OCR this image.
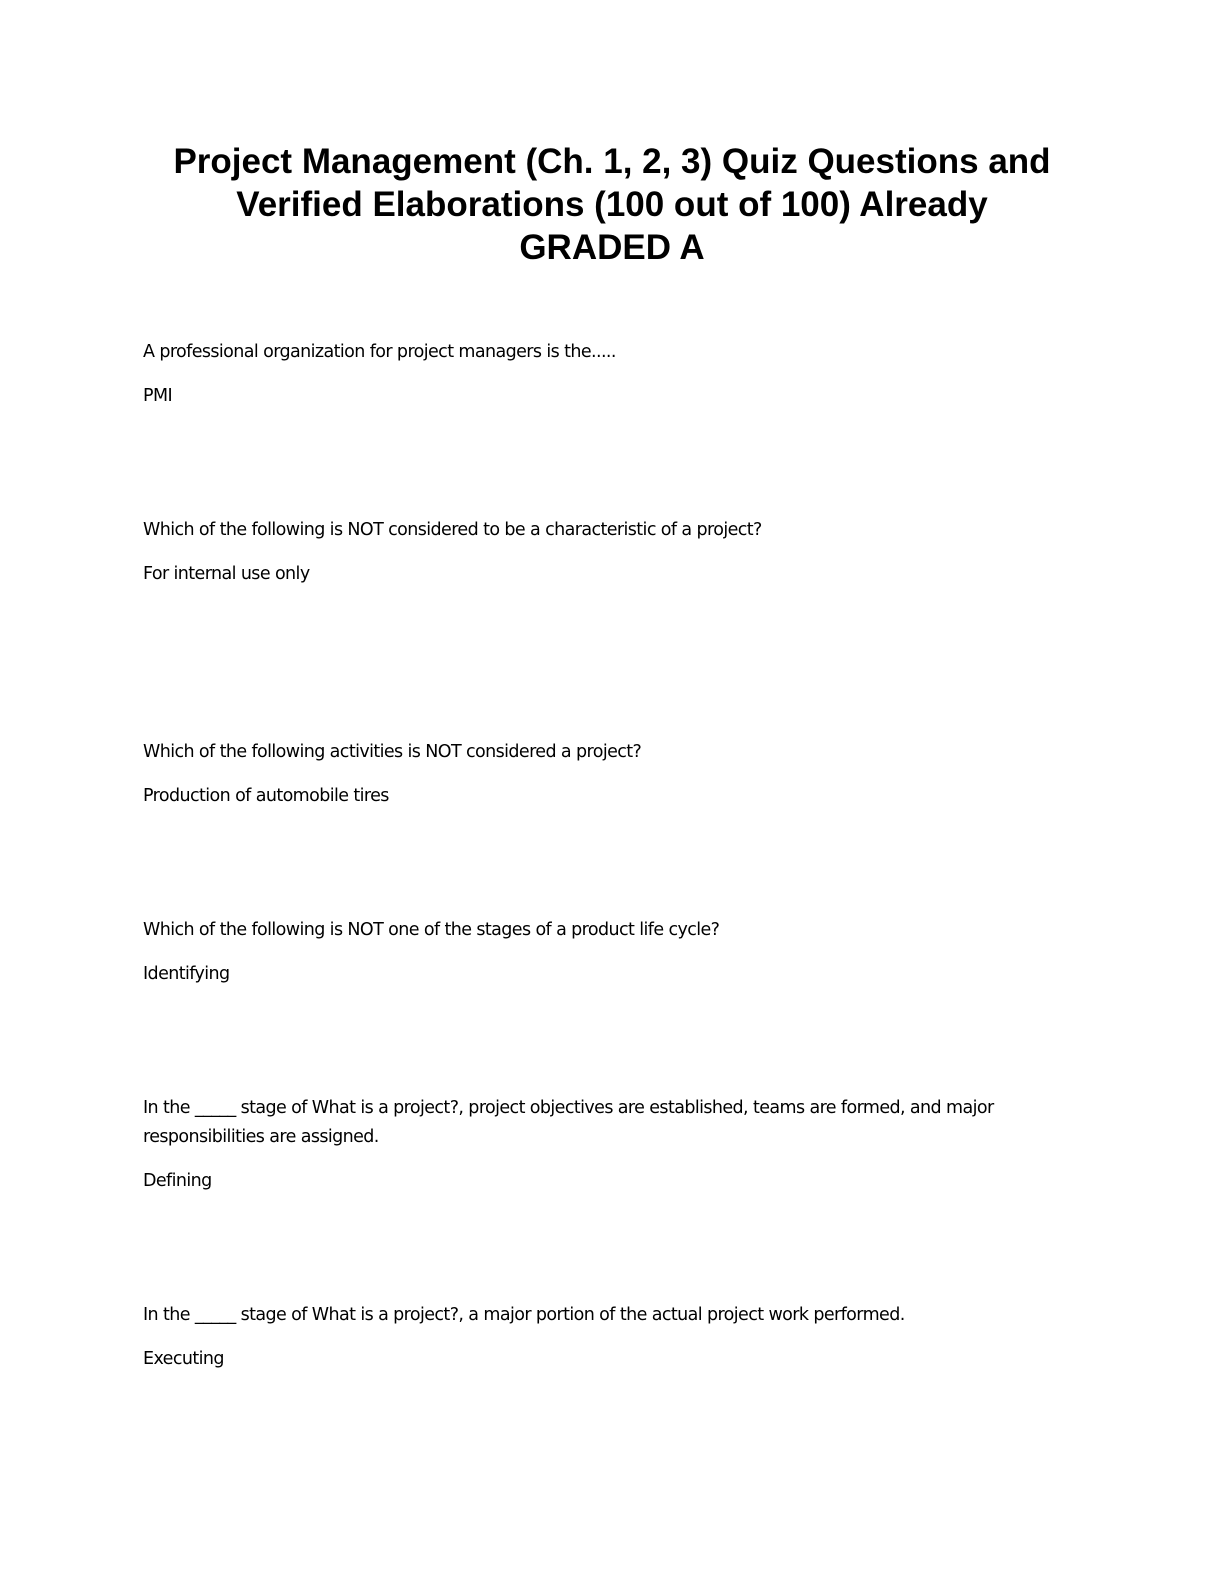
Project Management (Ch. 1, 2, 3) Quiz Questions and
Verified Elaborations (100 out of 100) Already
GRADED A

A professional organization for project managers is the.....

PMI

Which of the following is NOT considered to be a characteristic of a project?

For internal use only

Which of the following activities is NOT considered a project?

Production of automobile tires

Which of the following is NOT one of the stages of a product life cycle?

Identifying

In the _____ stage of What is a project?, project objectives are established, teams are formed, and major responsibilities are assigned.

Defining

In the _____ stage of What is a project?, a major portion of the actual project work performed.

Executing
